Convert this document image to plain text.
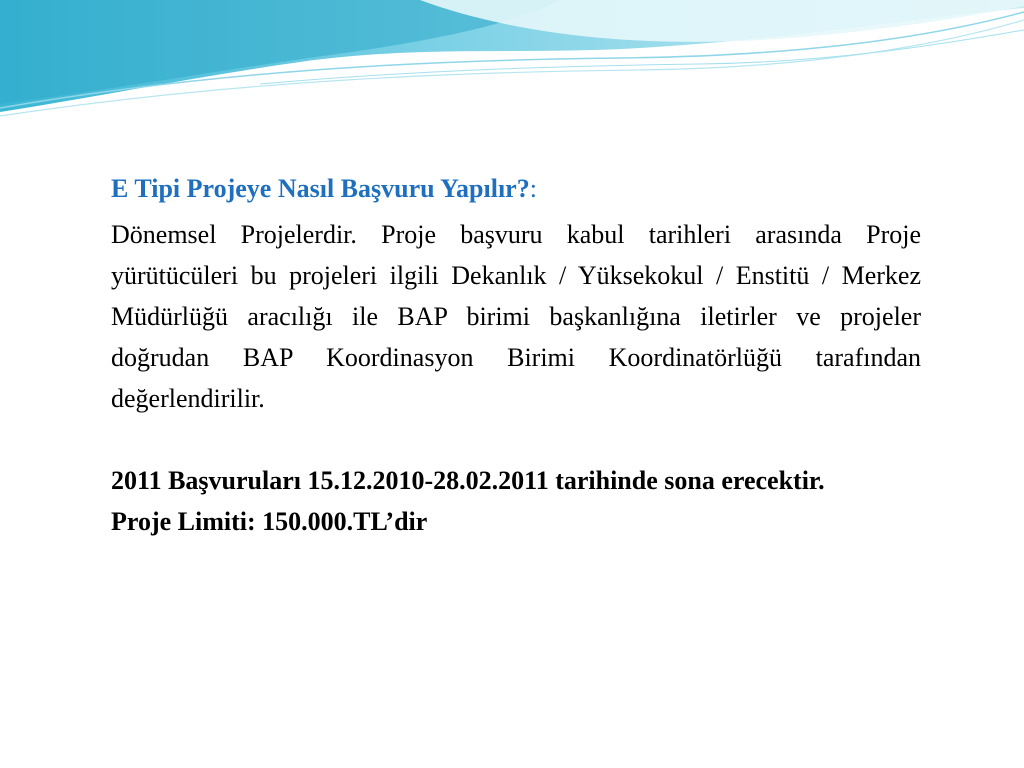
E Tipi Projeye Nasıl Başvuru Yapılır?:

Dönemsel Projelerdir. Proje başvuru kabul tarihleri arasında Proje yürütücüleri bu projeleri ilgili Dekanlık / Yüksekokul / Enstitü / Merkez Müdürlüğü aracılığı ile BAP birimi başkanlığına iletirler ve projeler doğrudan BAP Koordinasyon Birimi Koordinatörlüğü tarafından değerlendirilir.

2011 Başvuruları 15.12.2010-28.02.2011 tarihinde sona erecektir.

Proje Limiti: 150.000.TL’dir
